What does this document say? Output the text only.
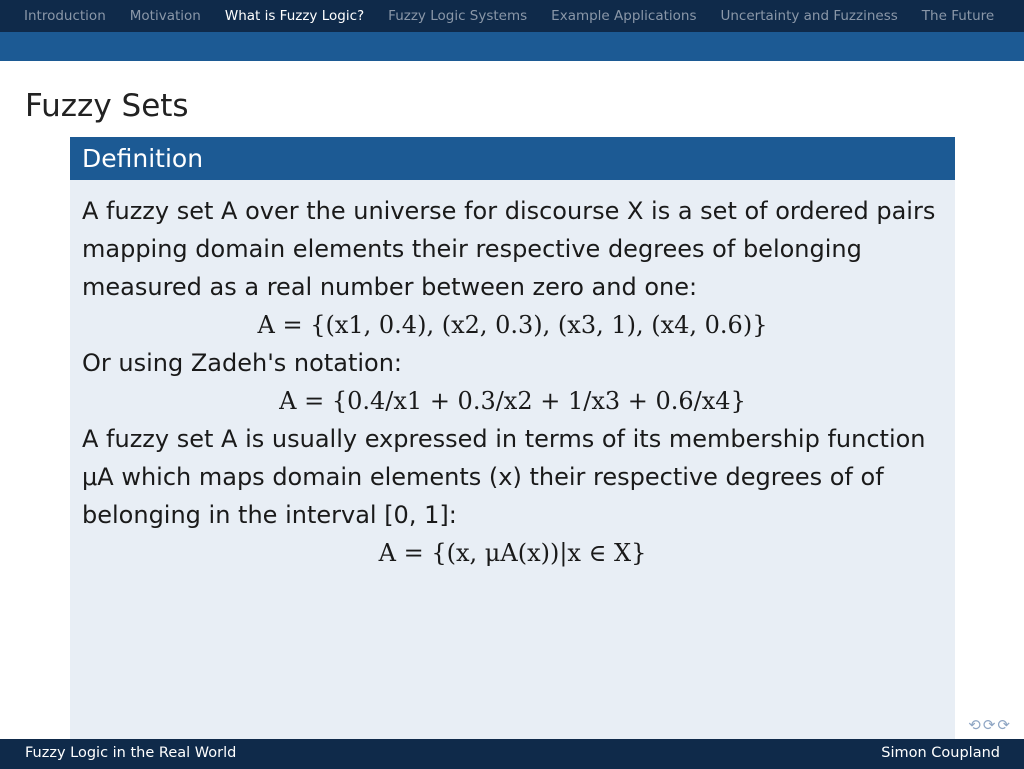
Introduction Motivation What is Fuzzy Logic? Fuzzy Logic Systems Example Applications Uncertainty and Fuzziness The Future
Fuzzy Sets
Definition

A fuzzy set A over the universe for discourse X is a set of ordered pairs mapping domain elements their respective degrees of belonging measured as a real number between zero and one:

A = {(x1, 0.4), (x2, 0.3), (x3, 1), (x4, 0.6)}

Or using Zadeh's notation:

A = {0.4/x1 + 0.3/x2 + 1/x3 + 0.6/x4}

A fuzzy set A is usually expressed in terms of its membership function μA which maps domain elements (x) their respective degrees of of belonging in the interval [0, 1]:

A = {(x, μA(x))|x ∈ X}

⟲⟳⟳
Fuzzy Logic in the Real World	Simon Coupland
